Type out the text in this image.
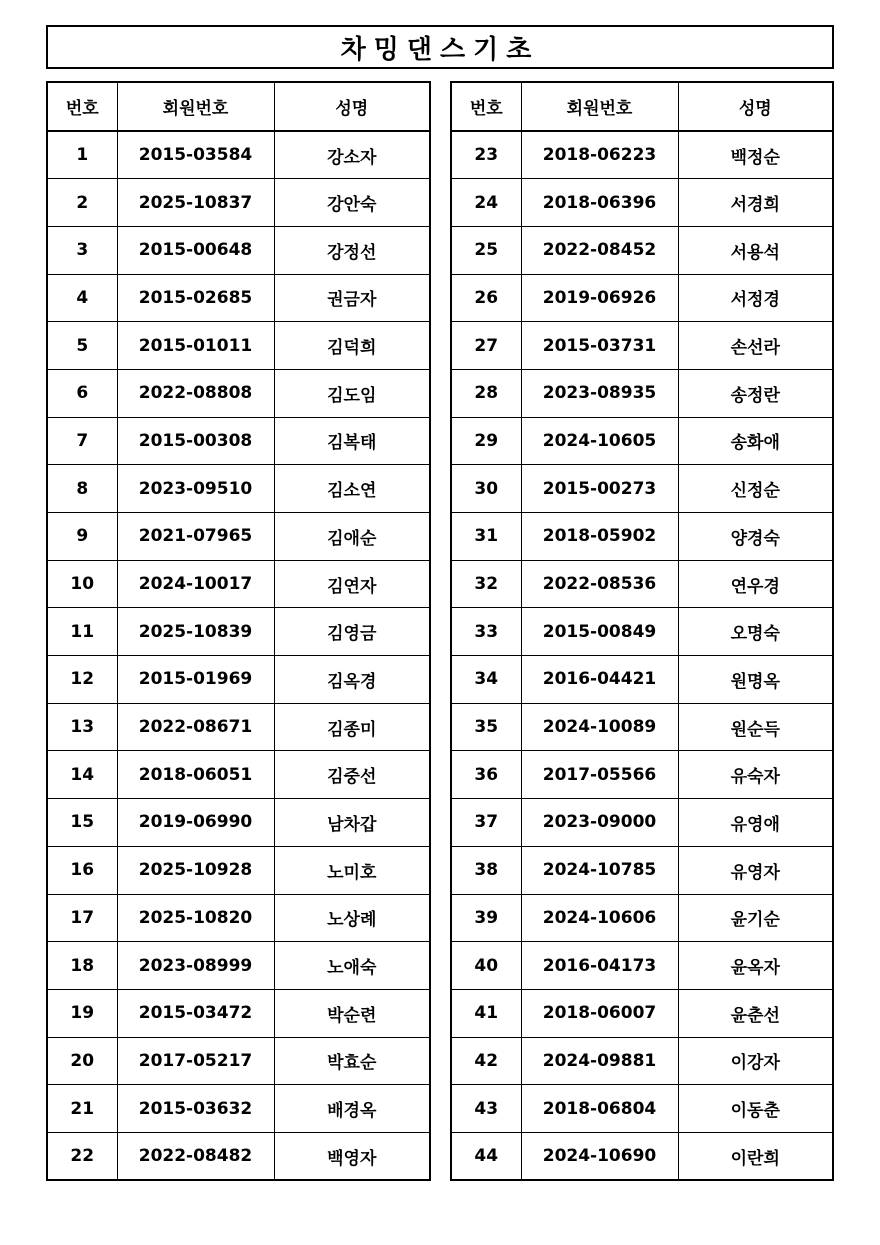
차밍댄스기초
번호	회원번호	성명
1	2015-03584	강소자
2	2025-10837	강안숙
3	2015-00648	강정선
4	2015-02685	권금자
5	2015-01011	김덕희
6	2022-08808	김도임
7	2015-00308	김복태
8	2023-09510	김소연
9	2021-07965	김애순
10	2024-10017	김연자
11	2025-10839	김영금
12	2015-01969	김옥경
13	2022-08671	김종미
14	2018-06051	김중선
15	2019-06990	남차갑
16	2025-10928	노미호
17	2025-10820	노상례
18	2023-08999	노애숙
19	2015-03472	박순련
20	2017-05217	박효순
21	2015-03632	배경옥
22	2022-08482	백영자
번호	회원번호	성명
23	2018-06223	백정순
24	2018-06396	서경희
25	2022-08452	서용석
26	2019-06926	서정경
27	2015-03731	손선라
28	2023-08935	송정란
29	2024-10605	송화애
30	2015-00273	신정순
31	2018-05902	양경숙
32	2022-08536	연우경
33	2015-00849	오명숙
34	2016-04421	원명옥
35	2024-10089	원순득
36	2017-05566	유숙자
37	2023-09000	유영애
38	2024-10785	유영자
39	2024-10606	윤기순
40	2016-04173	윤옥자
41	2018-06007	윤춘선
42	2024-09881	이강자
43	2018-06804	이동춘
44	2024-10690	이란희
